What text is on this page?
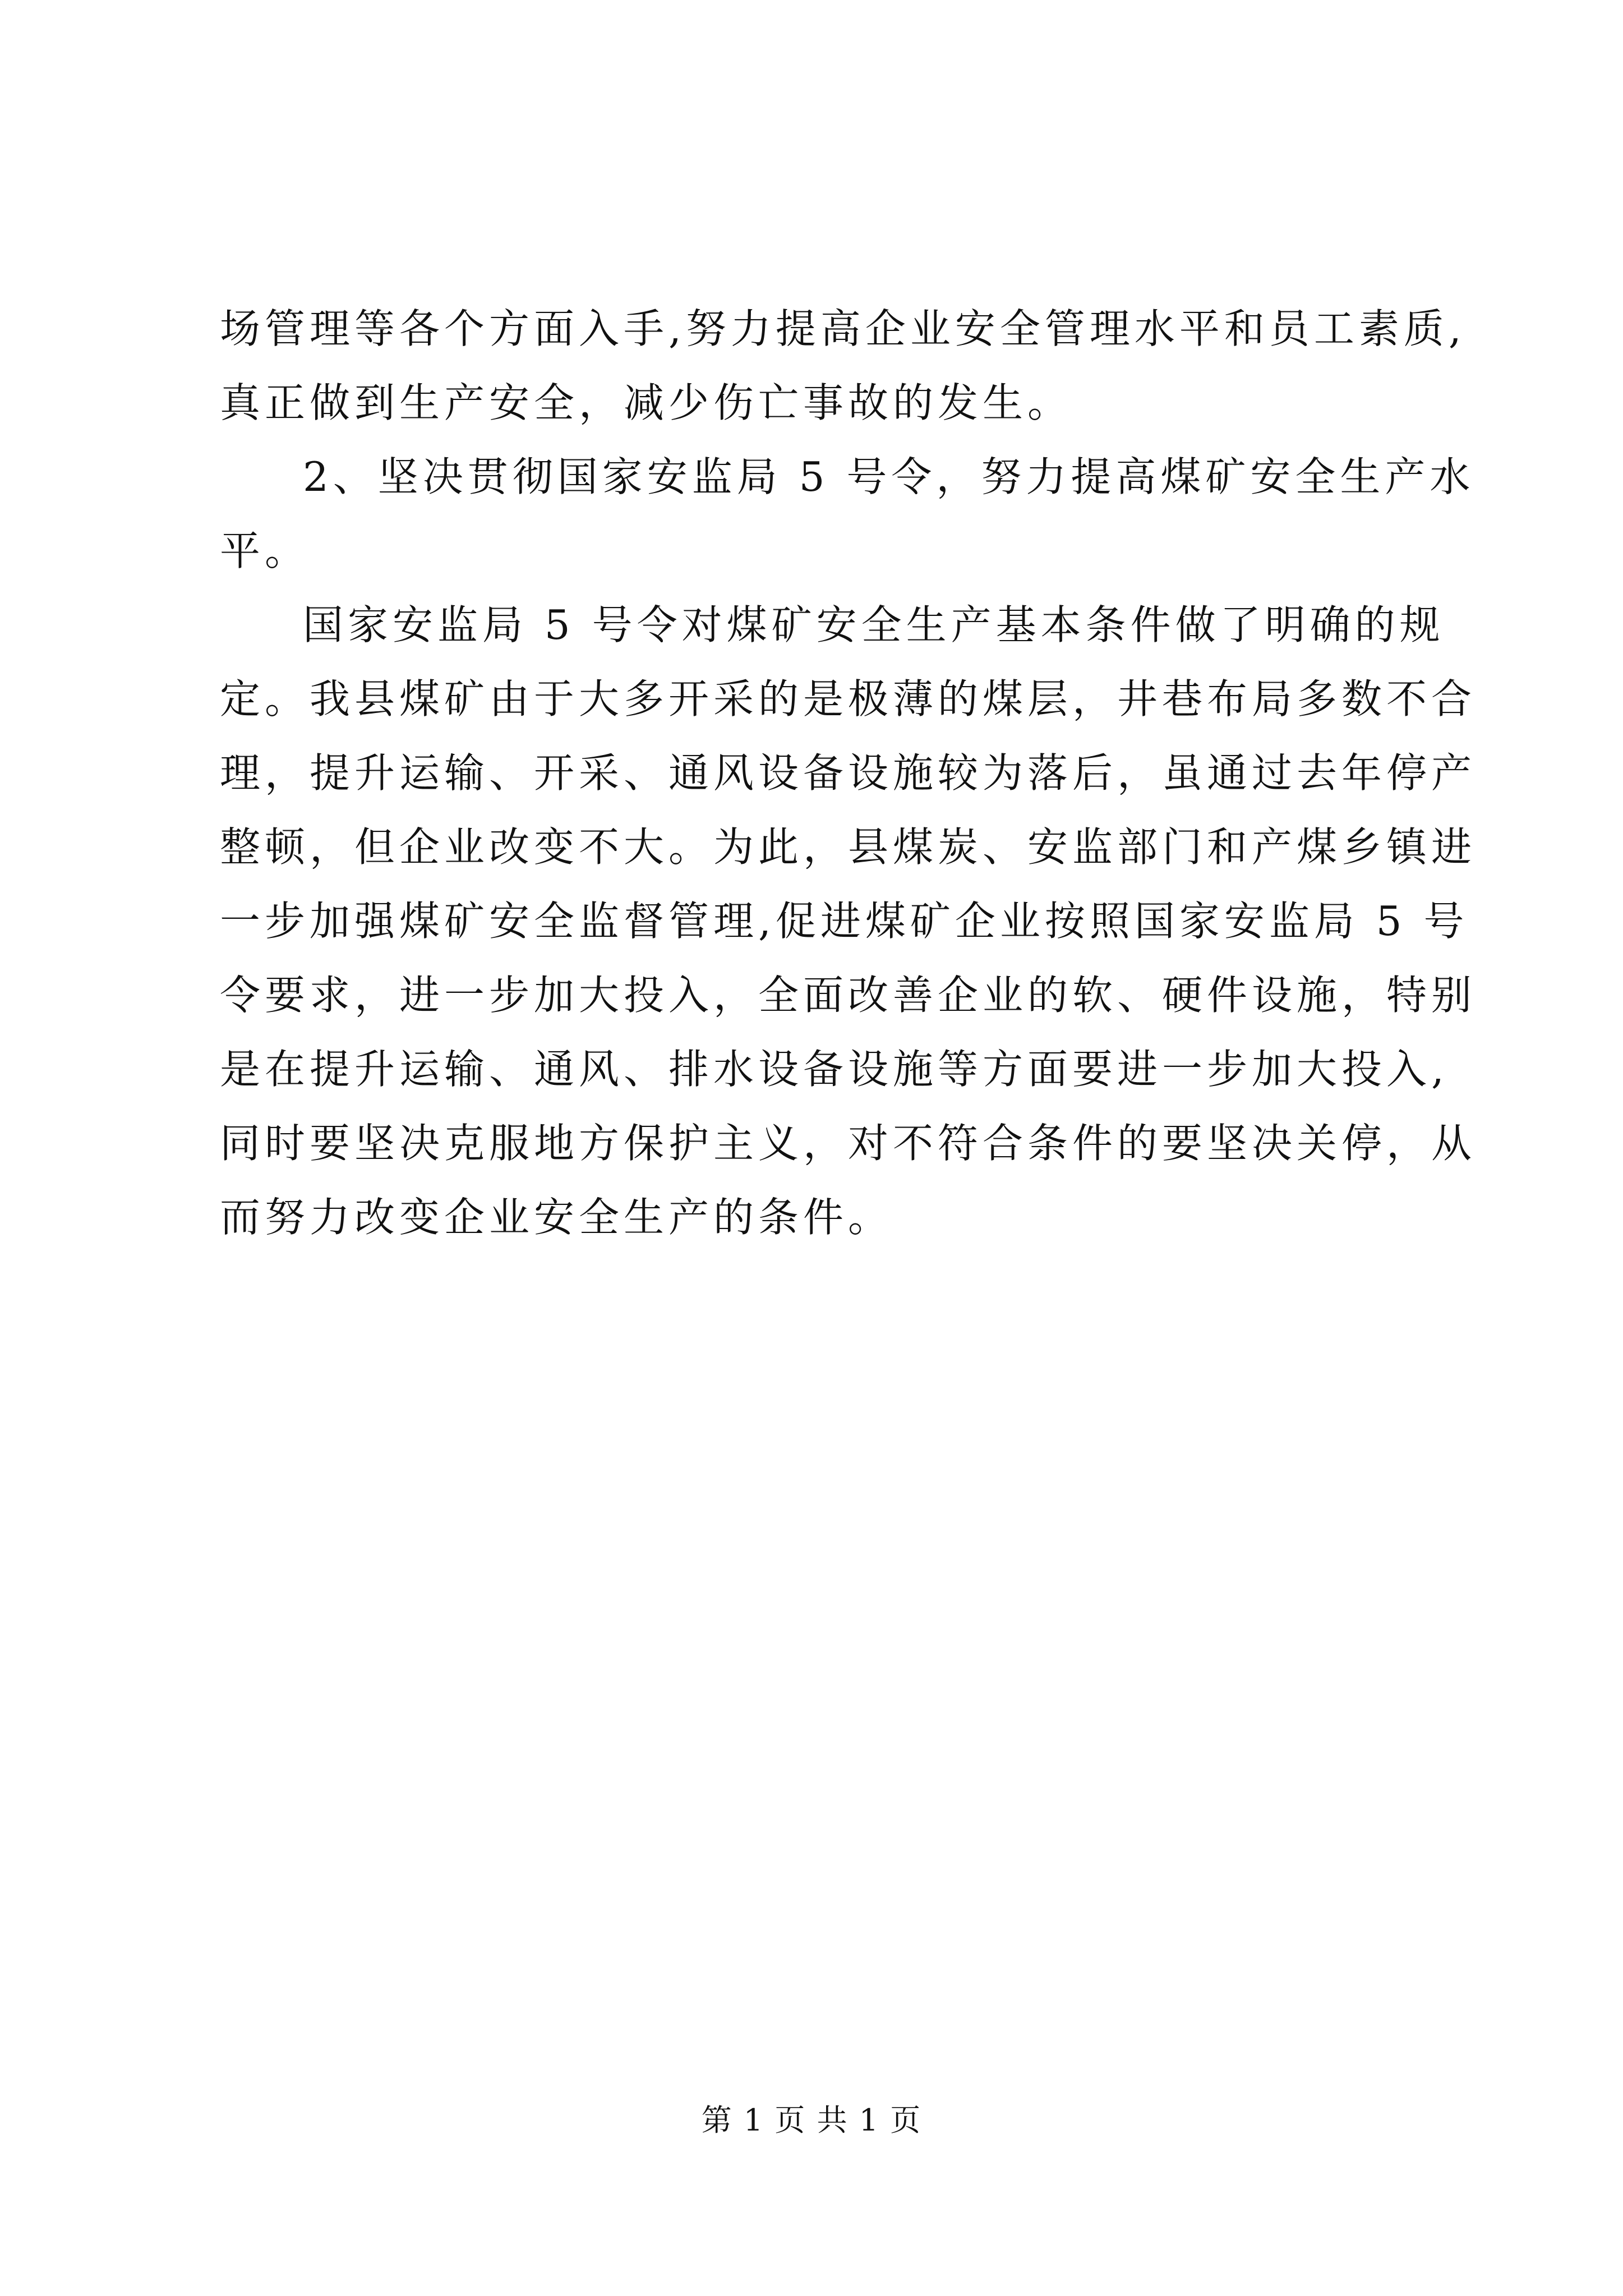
场管理等各个方面入手,努力提高企业安全管理水平和员工素质,
真正做到生产安全，减少伤亡事故的发生。
2、坚决贯彻国家安监局 5 号令，努力提高煤矿安全生产水
平。
国家安监局 5 号令对煤矿安全生产基本条件做了明确的规
定。我县煤矿由于大多开采的是极薄的煤层，井巷布局多数不合
理，提升运输、开采、通风设备设施较为落后，虽通过去年停产
整顿，但企业改变不大。为此，县煤炭、安监部门和产煤乡镇进
一步加强煤矿安全监督管理,促进煤矿企业按照国家安监局 5 号
令要求，进一步加大投入，全面改善企业的软、硬件设施，特别
是在提升运输、通风、排水设备设施等方面要进一步加大投入,
同时要坚决克服地方保护主义，对不符合条件的要坚决关停，从
而努力改变企业安全生产的条件。
第 1 页 共 1 页
